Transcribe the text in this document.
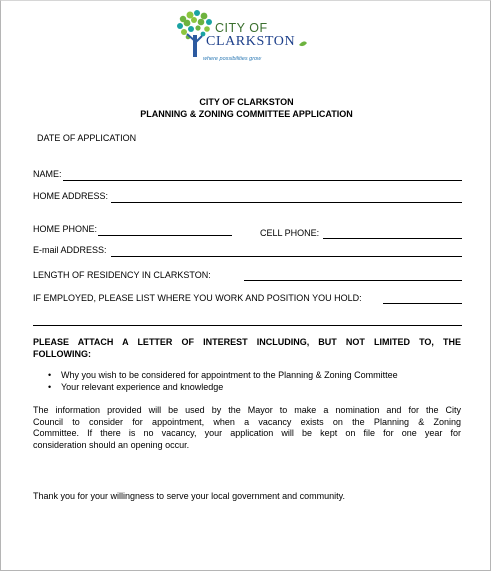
CITY OF
CLARKSTON
where possibilities grow
CITY OF CLARKSTON
PLANNING & ZONING COMMITTEE APPLICATION
DATE OF APPLICATION
NAME:
HOME ADDRESS:
HOME PHONE:	CELL PHONE:
E-mail ADDRESS:
LENGTH OF RESIDENCY IN CLARKSTON:
IF EMPLOYED, PLEASE LIST WHERE YOU WORK AND POSITION YOU HOLD:
PLEASE ATTACH A LETTER OF INTEREST INCLUDING, BUT NOT LIMITED TO, THE
FOLLOWING:
• Why you wish to be considered for appointment to the Planning & Zoning Committee
• Your relevant experience and knowledge
The information provided will be used by the Mayor to make a nomination and for the City
Council to consider for appointment, when a vacancy exists on the Planning & Zoning
Committee. If there is no vacancy, your application will be kept on file for one year for
consideration should an opening occur.
Thank you for your willingness to serve your local government and community.
